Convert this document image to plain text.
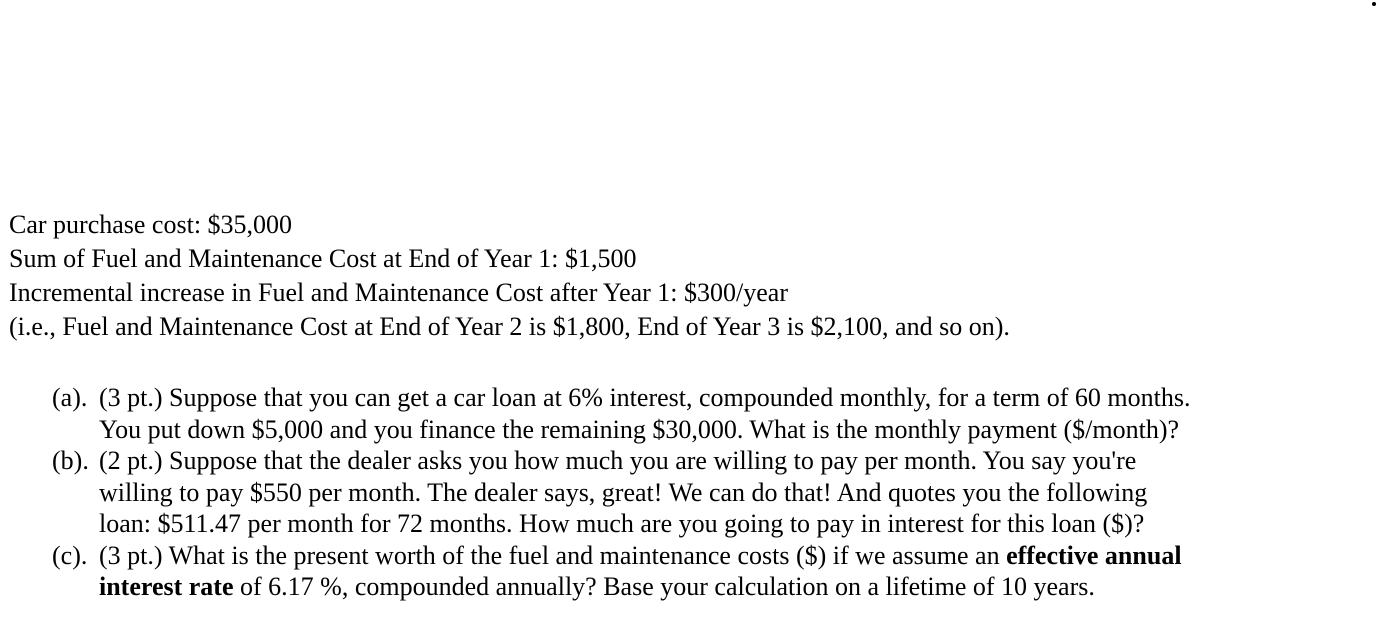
Car purchase cost: $35,000
Sum of Fuel and Maintenance Cost at End of Year 1: $1,500
Incremental increase in Fuel and Maintenance Cost after Year 1: $300/year
(i.e., Fuel and Maintenance Cost at End of Year 2 is $1,800, End of Year 3 is $2,100, and so on).
(a). (3 pt.) Suppose that you can get a car loan at 6% interest, compounded monthly, for a term of 60 months.
You put down $5,000 and you finance the remaining $30,000. What is the monthly payment ($/month)?
(b). (2 pt.) Suppose that the dealer asks you how much you are willing to pay per month. You say you're
willing to pay $550 per month. The dealer says, great! We can do that! And quotes you the following
loan: $511.47 per month for 72 months. How much are you going to pay in interest for this loan ($)?
(c). (3 pt.) What is the present worth of the fuel and maintenance costs ($) if we assume an effective annual
interest rate of 6.17 %, compounded annually? Base your calculation on a lifetime of 10 years.
